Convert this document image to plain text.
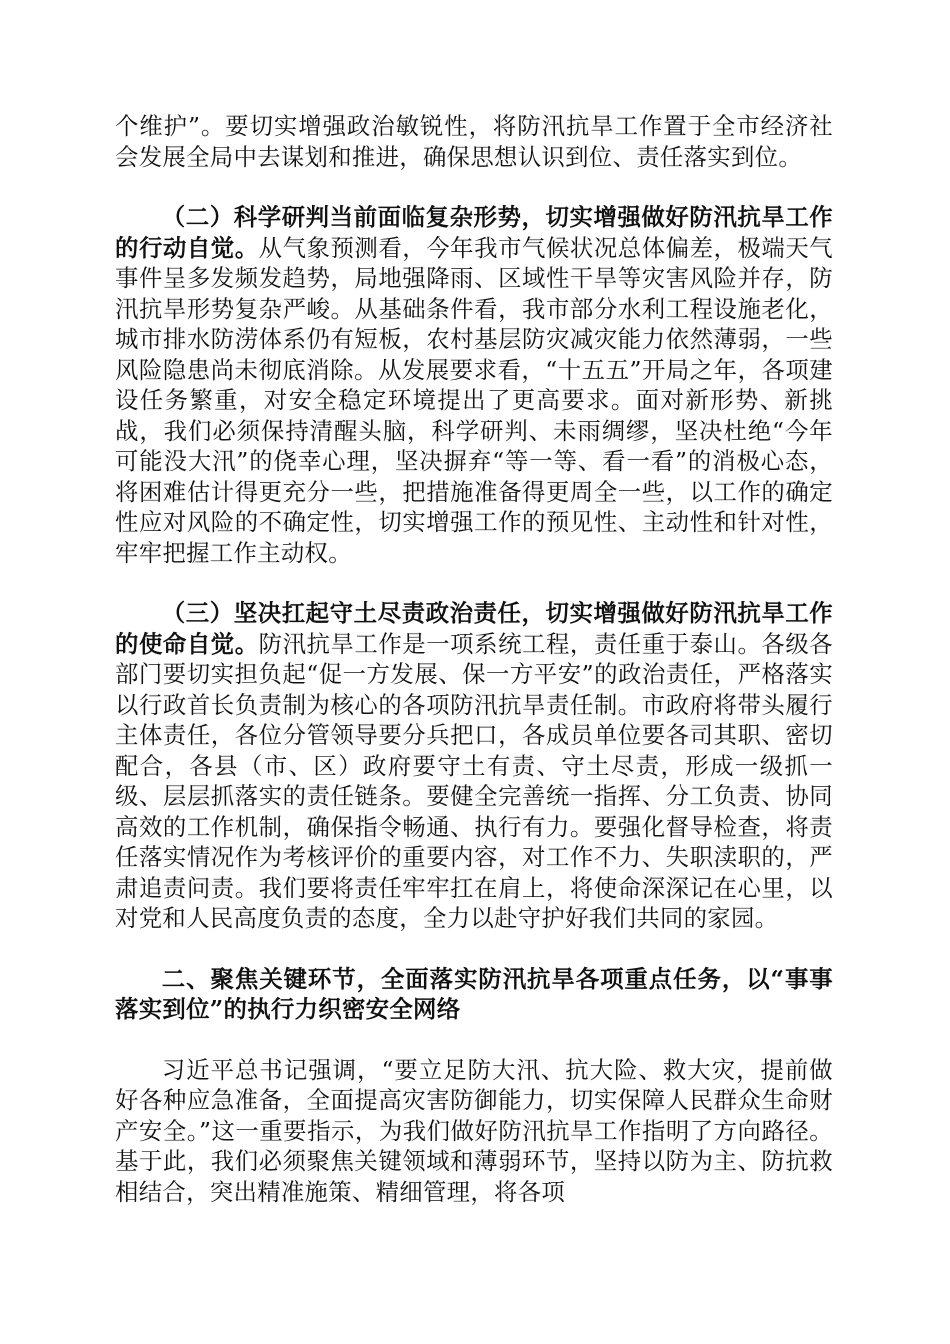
个维护”。要切实增强政治敏锐性，将防汛抗旱工作置于全市经济社会发展全局中去谋划和推进，确保思想认识到位、责任落实到位。

（二）科学研判当前面临复杂形势，切实增强做好防汛抗旱工作的行动自觉。从气象预测看，今年我市气候状况总体偏差，极端天气事件呈多发频发趋势，局地强降雨、区域性干旱等灾害风险并存，防汛抗旱形势复杂严峻。从基础条件看，我市部分水利工程设施老化，城市排水防涝体系仍有短板，农村基层防灾减灾能力依然薄弱，一些风险隐患尚未彻底消除。从发展要求看，“十五五”开局之年，各项建设任务繁重，对安全稳定环境提出了更高要求。面对新形势、新挑战，我们必须保持清醒头脑，科学研判、未雨绸缪，坚决杜绝“今年可能没大汛”的侥幸心理，坚决摒弃“等一等、看一看”的消极心态，将困难估计得更充分一些，把措施准备得更周全一些，以工作的确定性应对风险的不确定性，切实增强工作的预见性、主动性和针对性，牢牢把握工作主动权。

（三）坚决扛起守土尽责政治责任，切实增强做好防汛抗旱工作的使命自觉。防汛抗旱工作是一项系统工程，责任重于泰山。各级各部门要切实担负起“促一方发展、保一方平安”的政治责任，严格落实以行政首长负责制为核心的各项防汛抗旱责任制。市政府将带头履行主体责任，各位分管领导要分兵把口，各成员单位要各司其职、密切配合，各县（市、区）政府要守土有责、守土尽责，形成一级抓一级、层层抓落实的责任链条。要健全完善统一指挥、分工负责、协同高效的工作机制，确保指令畅通、执行有力。要强化督导检查，将责任落实情况作为考核评价的重要内容，对工作不力、失职渎职的，严肃追责问责。我们要将责任牢牢扛在肩上，将使命深深记在心里，以对党和人民高度负责的态度，全力以赴守护好我们共同的家园。

二、聚焦关键环节，全面落实防汛抗旱各项重点任务，以“事事落实到位”的执行力织密安全网络

习近平总书记强调，“要立足防大汛、抗大险、救大灾，提前做好各种应急准备，全面提高灾害防御能力，切实保障人民群众生命财产安全。”这一重要指示，为我们做好防汛抗旱工作指明了方向路径。基于此，我们必须聚焦关键领域和薄弱环节，坚持以防为主、防抗救相结合，突出精准施策、精细管理，将各项
